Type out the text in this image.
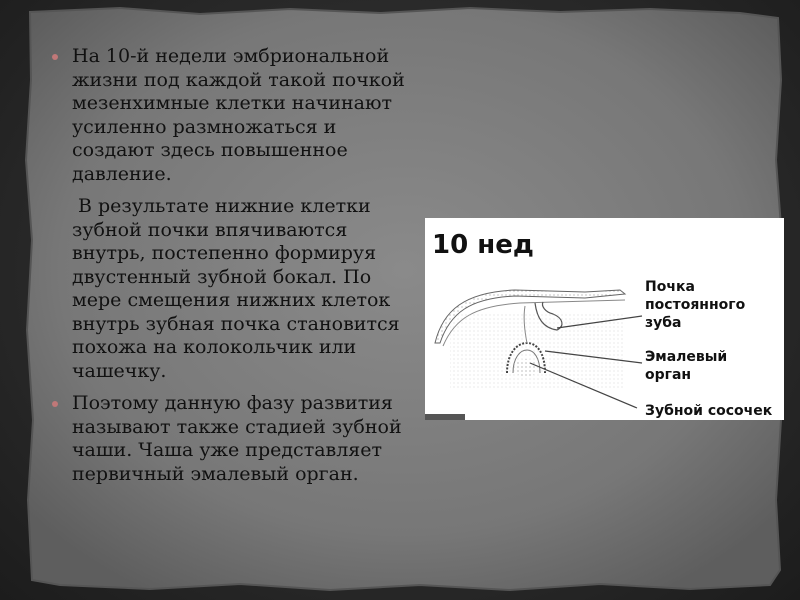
На 10-й недели эмбриональной жизни под каждой такой почкой мезенхимные клетки начинают усиленно размножаться и создают здесь повышенное давление.

В результате нижние клетки зубной почки впячиваются внутрь, постепенно формируя двустенный зубной бокал. По мере смещения нижних клеток внутрь зубная почка становится похожа на колокольчик или чашечку.

Поэтому данную фазу развития называют также стадией зубной чаши. Чаша уже представляет первичный эмалевый орган.

10 нед
Почка
постоянного
зуба
Эмалевый
орган
Зубной сосочек
